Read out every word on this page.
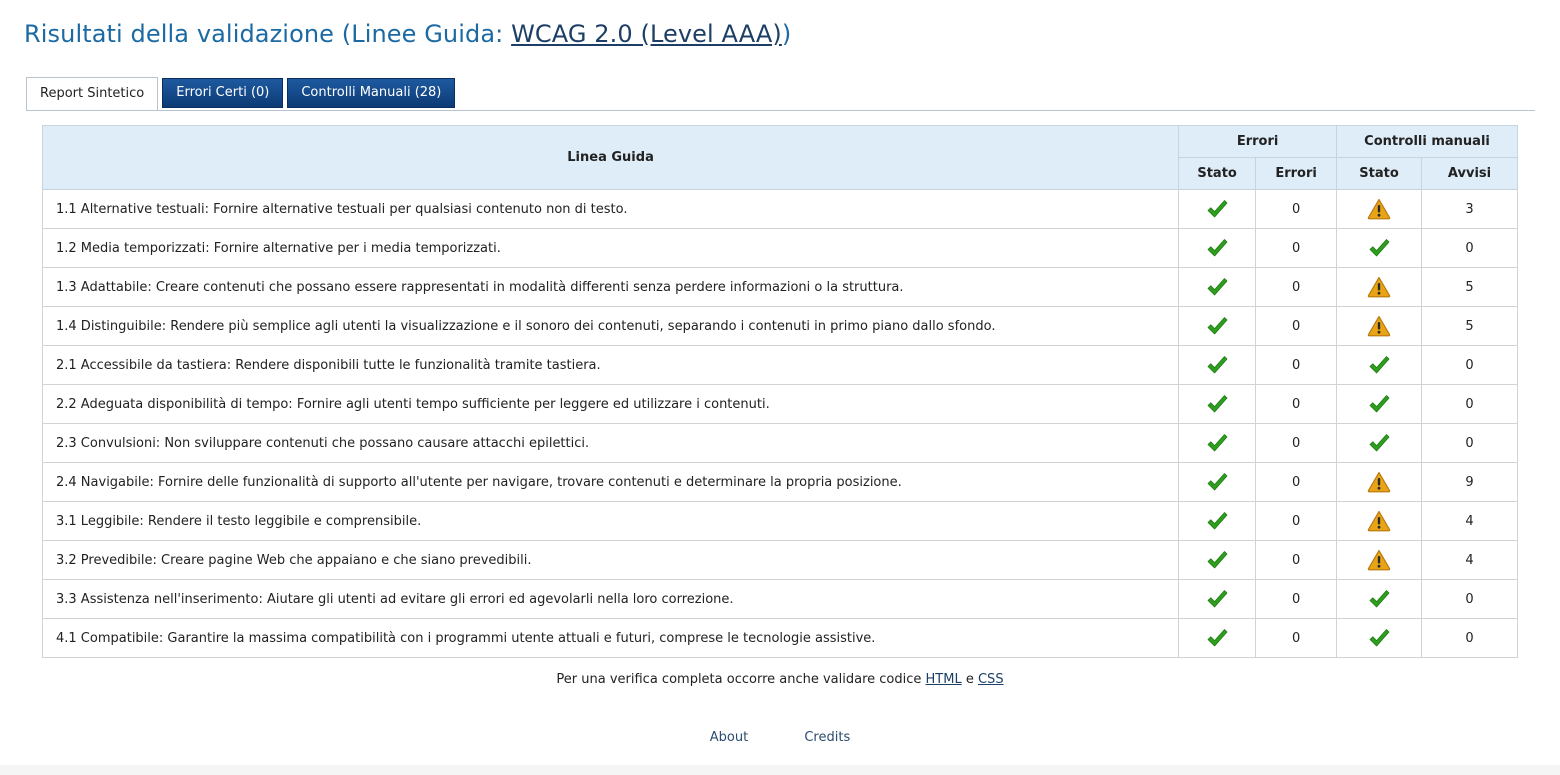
Risultati della validazione (Linee Guida: WCAG 2.0 (Level AAA))
Report Sintetico	Errori Certi (0)	Controlli Manuali (28)
Linea Guida	Errori		Controlli manuali	
	Stato	Errori	Stato	Avvisi
1.1 Alternative testuali: Fornire alternative testuali per qualsiasi contenuto non di testo.		0		3
1.2 Media temporizzati: Fornire alternative per i media temporizzati.		0		0
1.3 Adattabile: Creare contenuti che possano essere rappresentati in modalità differenti senza perdere informazioni o la struttura.		0		5
1.4 Distinguibile: Rendere più semplice agli utenti la visualizzazione e il sonoro dei contenuti, separando i contenuti in primo piano dallo sfondo.		0		5
2.1 Accessibile da tastiera: Rendere disponibili tutte le funzionalità tramite tastiera.		0		0
2.2 Adeguata disponibilità di tempo: Fornire agli utenti tempo sufficiente per leggere ed utilizzare i contenuti.		0		0
2.3 Convulsioni: Non sviluppare contenuti che possano causare attacchi epilettici.		0		0
2.4 Navigabile: Fornire delle funzionalità di supporto all'utente per navigare, trovare contenuti e determinare la propria posizione.		0		9
3.1 Leggibile: Rendere il testo leggibile e comprensibile.		0		4
3.2 Prevedibile: Creare pagine Web che appaiano e che siano prevedibili.		0		4
3.3 Assistenza nell'inserimento: Aiutare gli utenti ad evitare gli errori ed agevolarli nella loro correzione.		0		0
4.1 Compatibile: Garantire la massima compatibilità con i programmi utente attuali e futuri, comprese le tecnologie assistive.		0		0
Per una verifica completa occorre anche validare codice HTML e CSS
About	Credits
